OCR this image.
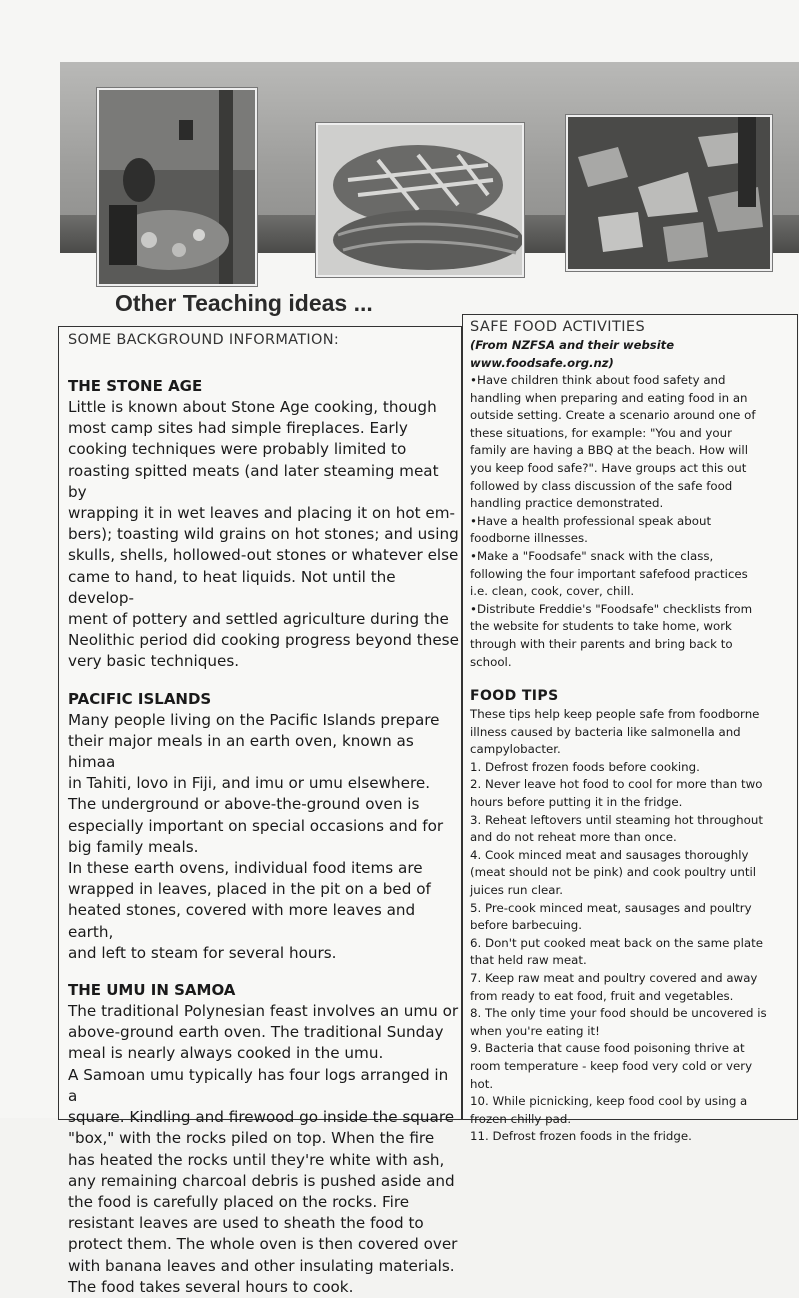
Other Teaching ideas ...
SOME BACKGROUND INFORMATION:
THE STONE AGE

Little is known about Stone Age cooking, though

most camp sites had simple fireplaces. Early

cooking techniques were probably limited to

roasting spitted meats (and later steaming meat by

wrapping it in wet leaves and placing it on hot em-

bers); toasting wild grains on hot stones; and using

skulls, shells, hollowed-out stones or whatever else

came to hand, to heat liquids. Not until the develop-

ment of pottery and settled agriculture during the

Neolithic period did cooking progress beyond these

very basic techniques.

PACIFIC ISLANDS

Many people living on the Pacific Islands prepare

their major meals in an earth oven, known as himaa

in Tahiti, lovo in Fiji, and imu or umu elsewhere.

The underground or above-the-ground oven is

especially important on special occasions and for

big family meals.

In these earth ovens, individual food items are

wrapped in leaves, placed in the pit on a bed of

heated stones, covered with more leaves and earth,

and left to steam for several hours.

THE UMU IN SAMOA

The traditional Polynesian feast involves an umu or

above-ground earth oven. The traditional Sunday

meal is nearly always cooked in the umu.

A Samoan umu typically has four logs arranged in a

square. Kindling and firewood go inside the square

"box," with the rocks piled on top. When the fire

has heated the rocks until they're white with ash,

any remaining charcoal debris is pushed aside and

the food is carefully placed on the rocks. Fire

resistant leaves are used to sheath the food to

protect them. The whole oven is then covered over

with banana leaves and other insulating materials.

The food takes several hours to cook.

SAFE FOOD ACTIVITIES

(From NZFSA and their website

www.foodsafe.org.nz)

•Have children think about food safety and

handling when preparing and eating food in an

outside setting. Create a scenario around one of

these situations, for example: "You and your

family are having a BBQ at the beach. How will

you keep food safe?". Have groups act this out

followed by class discussion of the safe food

handling practice demonstrated.

•Have a health professional speak about

foodborne illnesses.

•Make a "Foodsafe" snack with the class,

following the four important safefood practices

i.e. clean, cook, cover, chill.

•Distribute Freddie's "Foodsafe" checklists from

the website for students to take home, work

through with their parents and bring back to

school.

FOOD TIPS

These tips help keep people safe from foodborne

illness caused by bacteria like salmonella and

campylobacter.

1. Defrost frozen foods before cooking.

2. Never leave hot food to cool for more than two

hours before putting it in the fridge.

3. Reheat leftovers until steaming hot throughout

and do not reheat more than once.

4. Cook minced meat and sausages thoroughly

(meat should not be pink) and cook poultry until

juices run clear.

5. Pre-cook minced meat, sausages and poultry

before barbecuing.

6. Don't put cooked meat back on the same plate

that held raw meat.

7. Keep raw meat and poultry covered and away

from ready to eat food, fruit and vegetables.

8. The only time your food should be uncovered is

when you're eating it!

9. Bacteria that cause food poisoning thrive at

room temperature - keep food very cold or very

hot.

10. While picnicking, keep food cool by using a

frozen chilly pad.

11. Defrost frozen foods in the fridge.
